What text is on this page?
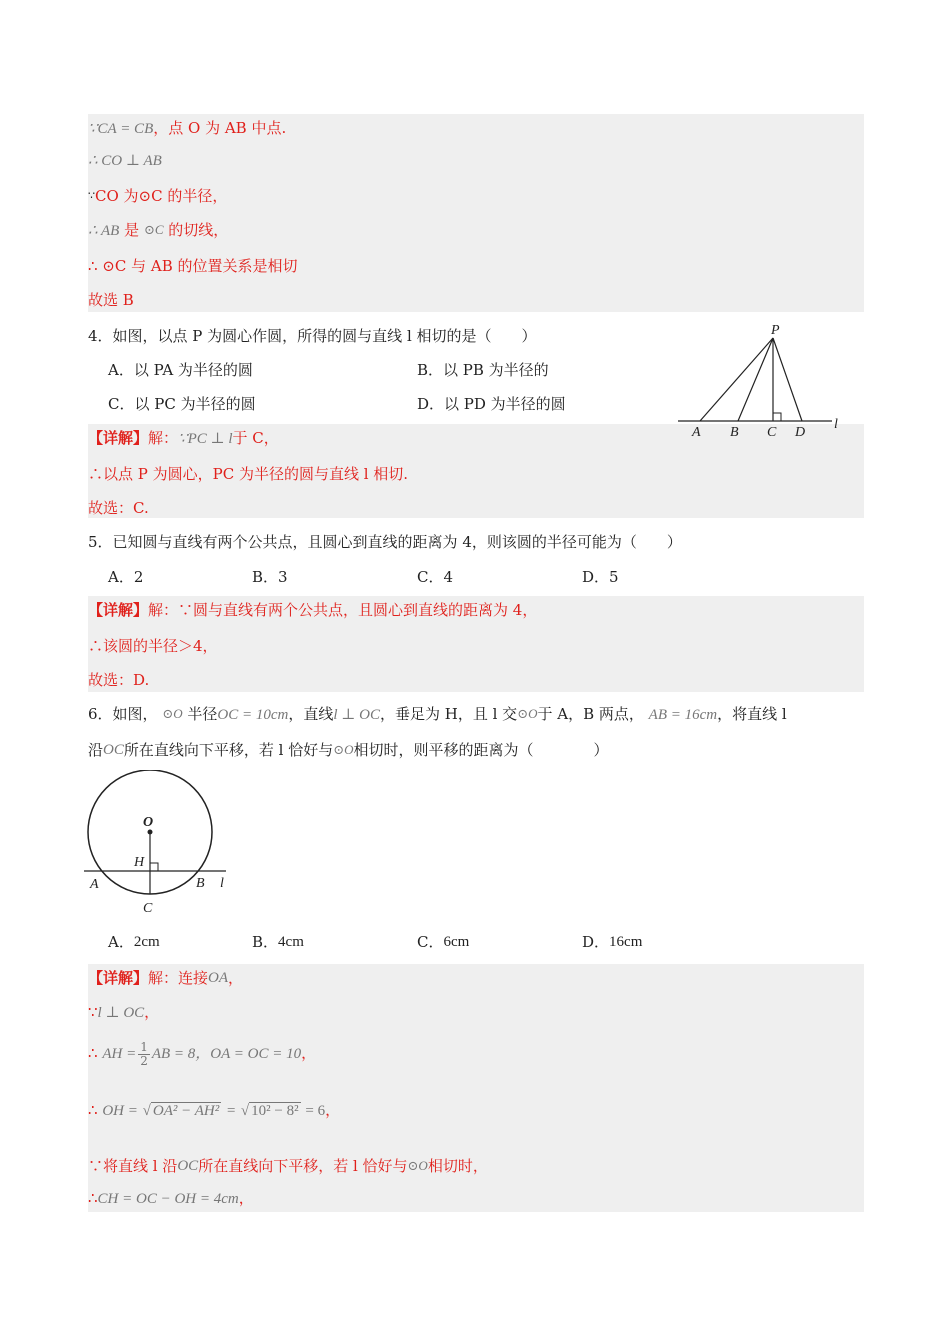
∵CA = CB，点 O 为 AB 中点.
∴ CO ⊥ AB
∵CO 为⊙C 的半径，
∴ AB 是 ⊙C 的切线，
∴ ⊙C 与 AB 的位置关系是相切
故选 B
4．如图，以点 P 为圆心作圆，所得的圆与直线 l 相切的是（　　）
A．以 PA 为半径的圆	B．以 PB 为半径的
C．以 PC 为半径的圆	D．以 PD 为半径的圆
【详解】解：∵PC ⊥ l于 C，
∴以点 P 为圆心，PC 为半径的圆与直线 l 相切.
故选：C.
P
A B C D
l
5．已知圆与直线有两个公共点，且圆心到直线的距离为 4，则该圆的半径可能为（　　）
A．2	B．3	C．4	D．5
【详解】解：∵圆与直线有两个公共点，且圆心到直线的距离为 4，
∴该圆的半径＞4，
故选：D.
6．如图， ⊙O 半径OC = 10cm，直线l ⊥ OC，垂足为 H，且 l 交⊙O于 A，B 两点， AB = 16cm，将直线 l
沿OC所在直线向下平移，若 l 恰好与⊙O相切时，则平移的距离为（　　　　）
O
H
A	B
C
l
A．2cm	B．4cm	C．6cm	D．16cm
【详解】解：连接OA，
∵l ⊥ OC，
∴ AH = $\frac{1}{2}$ AB = 8，OA = OC = 10，
∴ OH = √ OA² − AH² = √ 10² − 8² = 6，
∵将直线 l 沿OC所在直线向下平移，若 l 恰好与⊙O相切时，
∴CH = OC − OH = 4cm，
